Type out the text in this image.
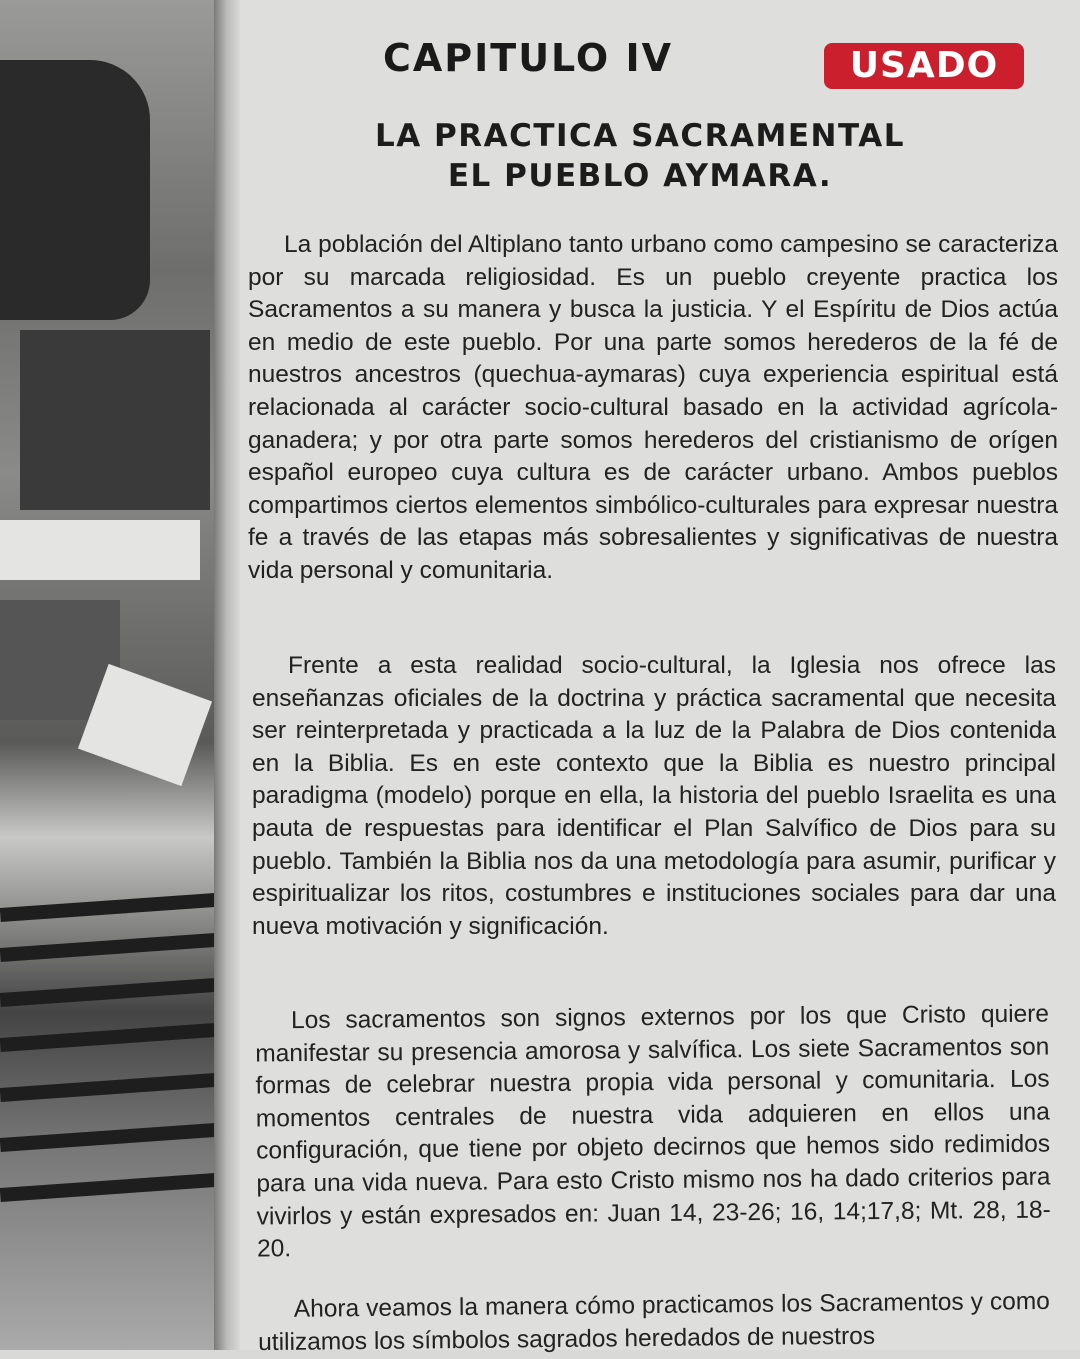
CAPITULO IV	USADO
LA PRACTICA SACRAMENTAL
EL PUEBLO AYMARA.

La población del Altiplano tanto urbano como campesino se caracteriza por su marcada religiosidad. Es un pueblo creyente practica los Sacramentos a su manera y busca la justicia. Y el Espíritu de Dios actúa en medio de este pueblo. Por una parte somos herederos de la fé de nuestros ancestros (quechua-aymaras) cuya experiencia espiritual está relacionada al carácter socio-cultural basado en la actividad agrícola-ganadera; y por otra parte somos herederos del cristianismo de orígen español europeo cuya cultura es de carácter urbano. Ambos pueblos compartimos ciertos elementos simbólico-culturales para expresar nuestra fe a través de las etapas más sobresalientes y significativas de nuestra vida personal y comunitaria.

Frente a esta realidad socio-cultural, la Iglesia nos ofrece las enseñanzas oficiales de la doctrina y práctica sacramental que necesita ser reinterpretada y practicada a la luz de la Palabra de Dios contenida en la Biblia. Es en este contexto que la Biblia es nuestro principal paradigma (modelo) porque en ella, la historia del pueblo Israelita es una pauta de respuestas para identificar el Plan Salvífico de Dios para su pueblo. También la Biblia nos da una metodología para asumir, purificar y espiritualizar los ritos, costumbres e instituciones sociales para dar una nueva motivación y significación.

Los sacramentos son signos externos por los que Cristo quiere manifestar su presencia amorosa y salvífica. Los siete Sacramentos son formas de celebrar nuestra propia vida personal y comunitaria. Los momentos centrales de nuestra vida adquieren en ellos una configuración, que tiene por objeto decirnos que hemos sido redimidos para una vida nueva. Para esto Cristo mismo nos ha dado criterios para vivirlos y están expresados en: Juan 14, 23-26; 16, 14;17,8; Mt. 28, 18-20.

Ahora veamos la manera cómo practicamos los Sacramentos y como utilizamos los símbolos sagrados heredados de nuestros
